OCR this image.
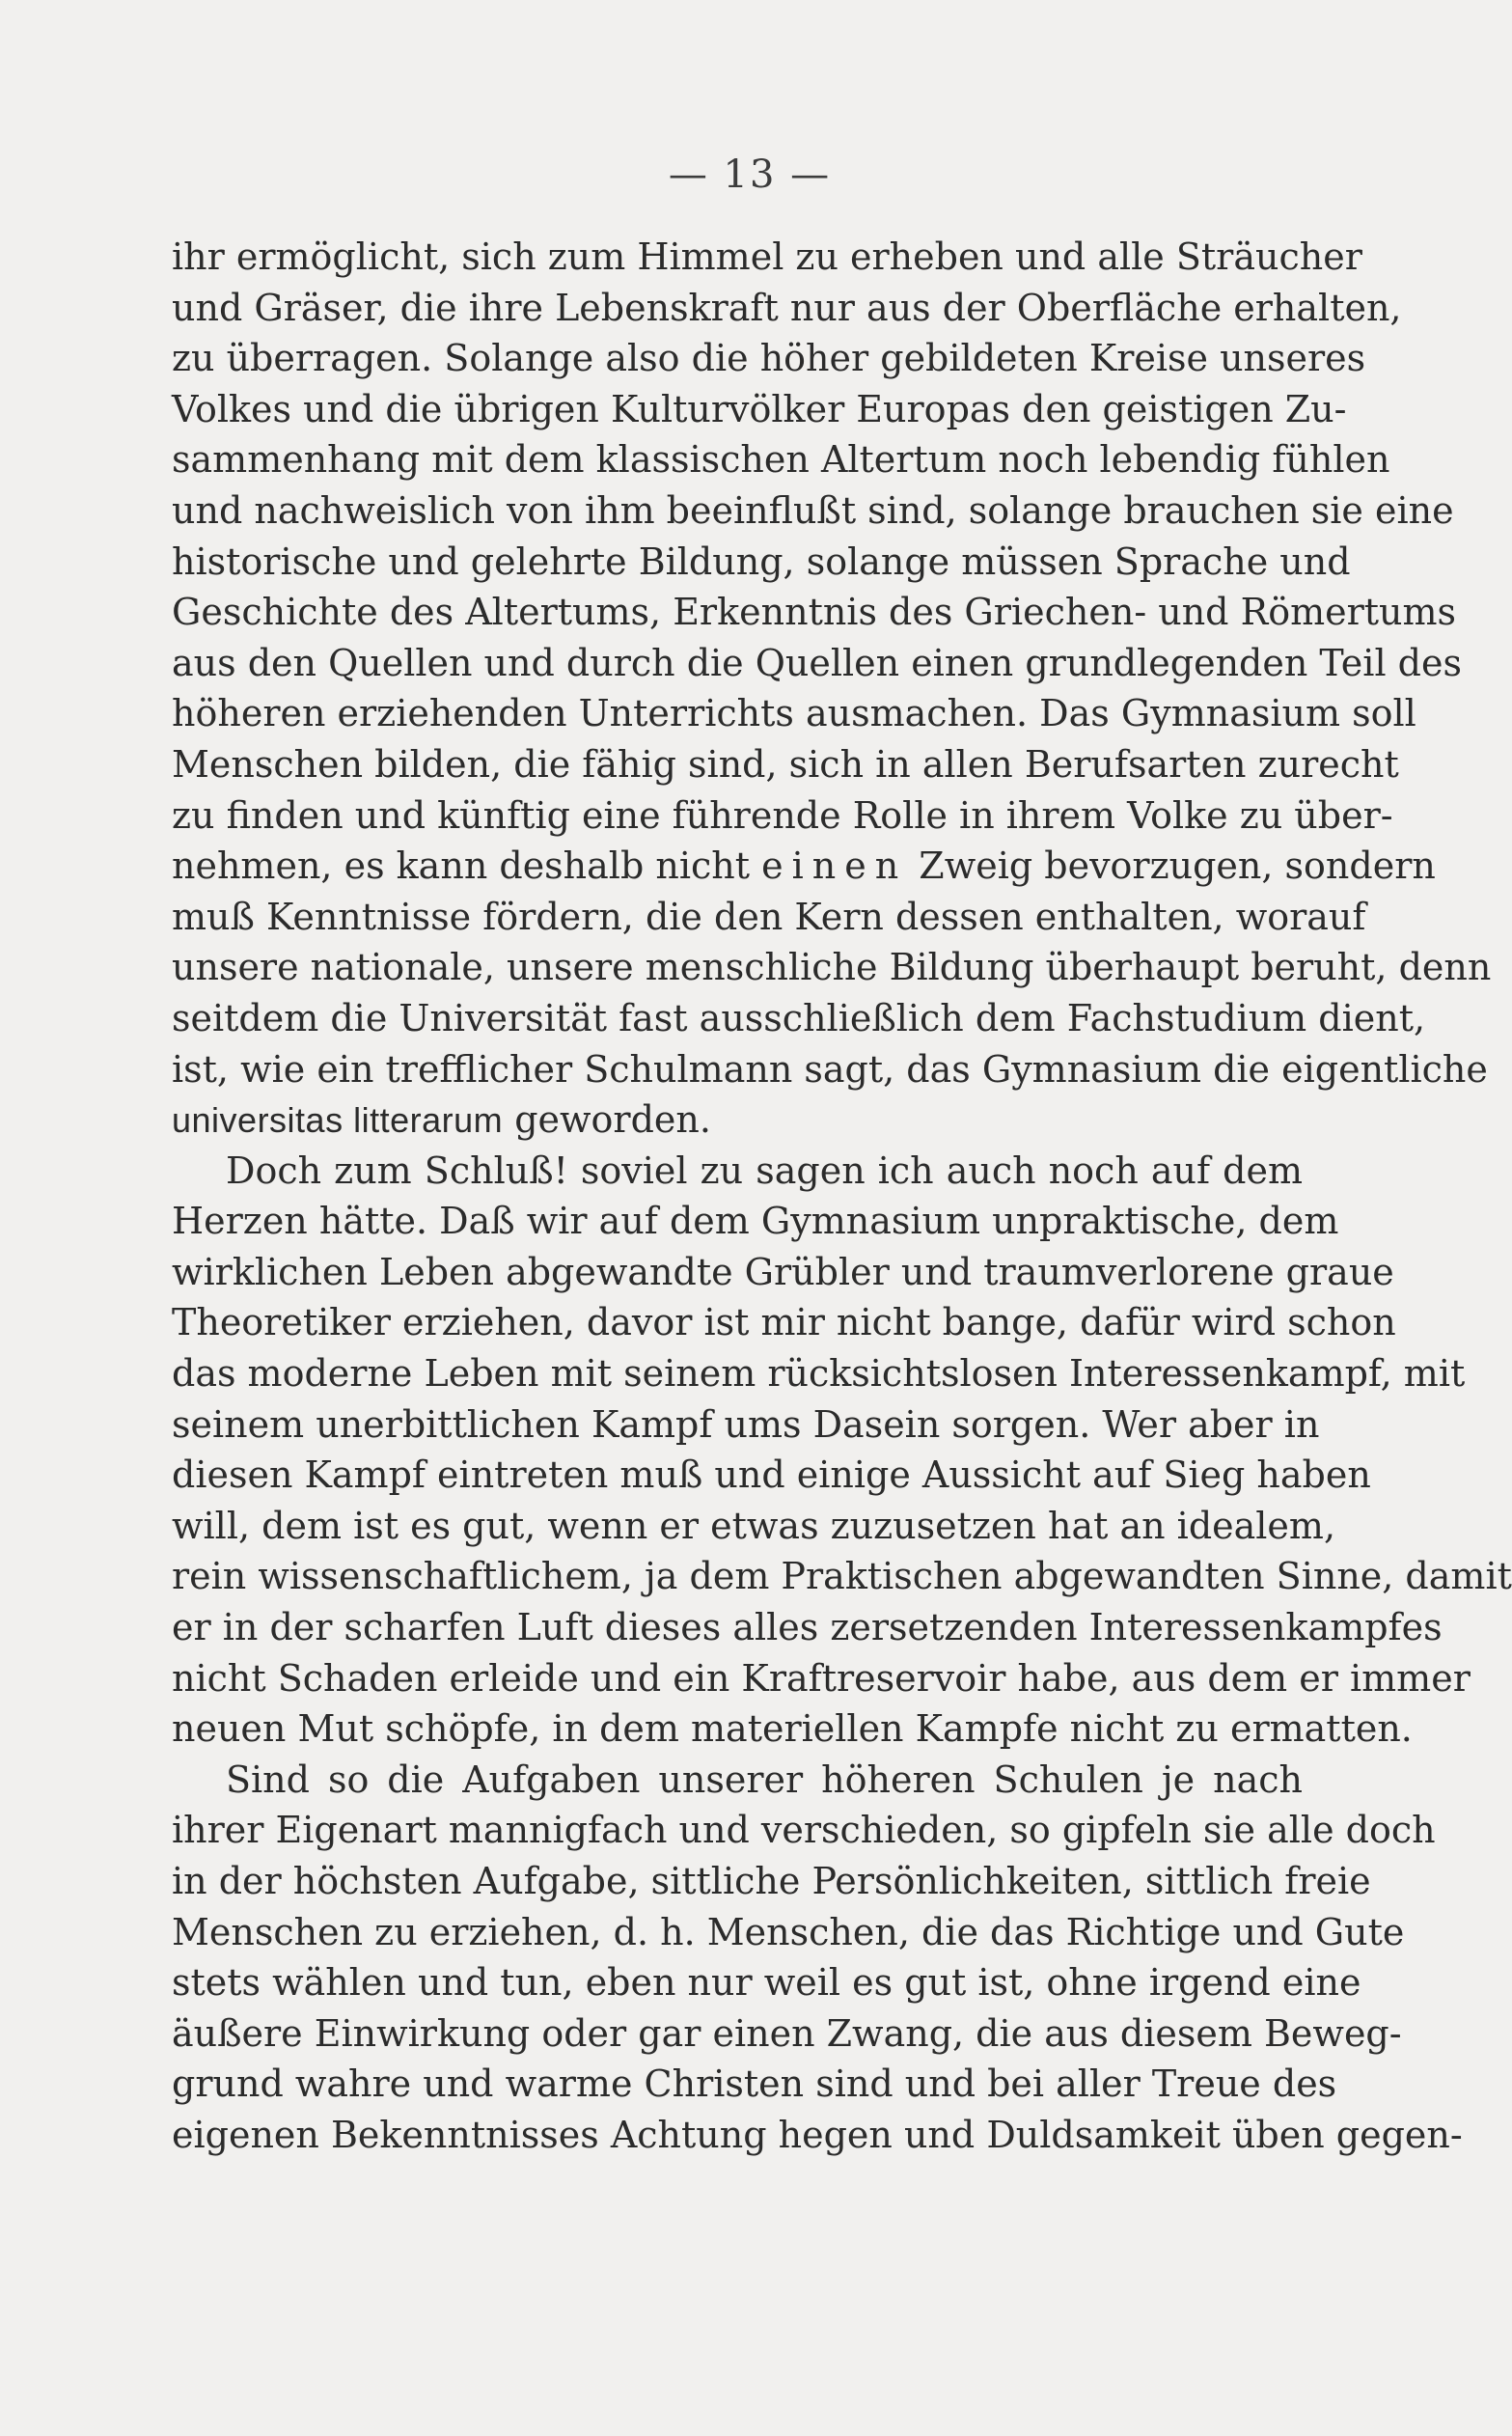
— 13 —
ihr ermöglicht, sich zum Himmel zu erheben und alle Sträucher
und Gräser, die ihre Lebenskraft nur aus der Oberfläche erhalten,
zu überragen. Solange also die höher gebildeten Kreise unseres
Volkes und die übrigen Kulturvölker Europas den geistigen Zu-
sammenhang mit dem klassischen Altertum noch lebendig fühlen
und nachweislich von ihm beeinflußt sind, solange brauchen sie eine
historische und gelehrte Bildung, solange müssen Sprache und
Geschichte des Altertums, Erkenntnis des Griechen- und Römertums
aus den Quellen und durch die Quellen einen grundlegenden Teil des
höheren erziehenden Unterrichts ausmachen. Das Gymnasium soll
Menschen bilden, die fähig sind, sich in allen Berufsarten zurecht
zu finden und künftig eine führende Rolle in ihrem Volke zu über-
nehmen, es kann deshalb nicht einen Zweig bevorzugen, sondern
muß Kenntnisse fördern, die den Kern dessen enthalten, worauf
unsere nationale, unsere menschliche Bildung überhaupt beruht, denn
seitdem die Universität fast ausschließlich dem Fachstudium dient,
ist, wie ein trefflicher Schulmann sagt, das Gymnasium die eigentliche
universitas litterarum geworden.
Doch zum Schluß! soviel zu sagen ich auch noch auf dem
Herzen hätte. Daß wir auf dem Gymnasium unpraktische, dem
wirklichen Leben abgewandte Grübler und traumverlorene graue
Theoretiker erziehen, davor ist mir nicht bange, dafür wird schon
das moderne Leben mit seinem rücksichtslosen Interessenkampf, mit
seinem unerbittlichen Kampf ums Dasein sorgen. Wer aber in
diesen Kampf eintreten muß und einige Aussicht auf Sieg haben
will, dem ist es gut, wenn er etwas zuzusetzen hat an idealem,
rein wissenschaftlichem, ja dem Praktischen abgewandten Sinne, damit
er in der scharfen Luft dieses alles zersetzenden Interessenkampfes
nicht Schaden erleide und ein Kraftreservoir habe, aus dem er immer
neuen Mut schöpfe, in dem materiellen Kampfe nicht zu ermatten.
Sind so die Aufgaben unserer höheren Schulen je nach
ihrer Eigenart mannigfach und verschieden, so gipfeln sie alle doch
in der höchsten Aufgabe, sittliche Persönlichkeiten, sittlich freie
Menschen zu erziehen, d. h. Menschen, die das Richtige und Gute
stets wählen und tun, eben nur weil es gut ist, ohne irgend eine
äußere Einwirkung oder gar einen Zwang, die aus diesem Beweg-
grund wahre und warme Christen sind und bei aller Treue des
eigenen Bekenntnisses Achtung hegen und Duldsamkeit üben gegen-
